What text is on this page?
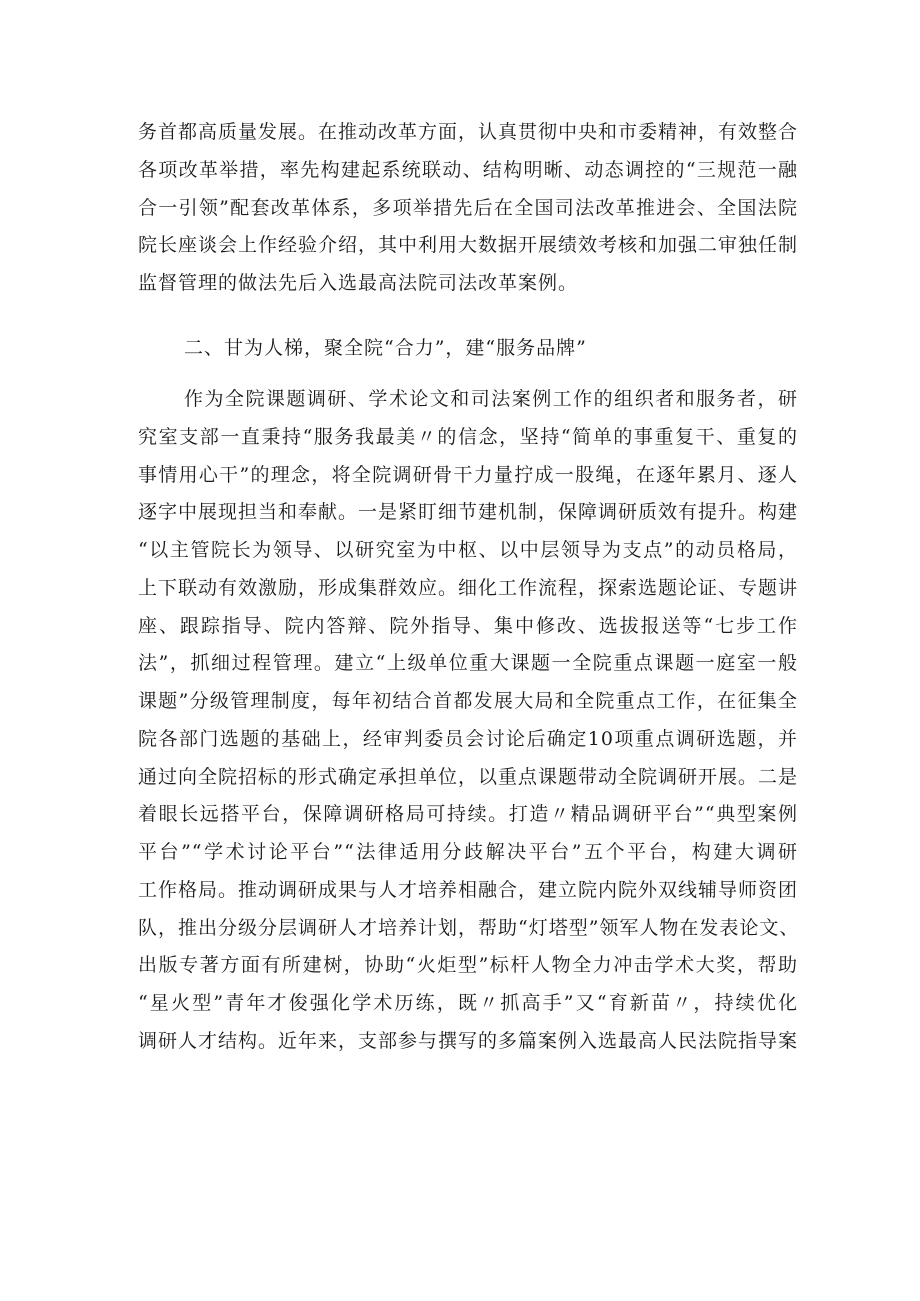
务首都高质量发展。在推动改革方面，认真贯彻中央和市委精神，有效整合
各项改革举措，率先构建起系统联动、结构明晰、动态调控的“三规范一融
合一引领”配套改革体系，多项举措先后在全国司法改革推进会、全国法院
院长座谈会上作经验介绍，其中利用大数据开展绩效考核和加强二审独任制
监督管理的做法先后入选最高法院司法改革案例。
二、甘为人梯，聚全院“合力”，建“服务品牌”
作为全院课题调研、学术论文和司法案例工作的组织者和服务者，研
究室支部一直秉持“服务我最美〃的信念，坚持“简单的事重复干、重复的
事情用心干”的理念，将全院调研骨干力量拧成一股绳，在逐年累月、逐人
逐字中展现担当和奉献。一是紧盯细节建机制，保障调研质效有提升。构建
“以主管院长为领导、以研究室为中枢、以中层领导为支点”的动员格局，
上下联动有效激励，形成集群效应。细化工作流程，探索选题论证、专题讲
座、跟踪指导、院内答辩、院外指导、集中修改、选拔报送等“七步工作
法”，抓细过程管理。建立“上级单位重大课题一全院重点课题一庭室一般
课题”分级管理制度，每年初结合首都发展大局和全院重点工作，在征集全
院各部门选题的基础上，经审判委员会讨论后确定10项重点调研选题，并
通过向全院招标的形式确定承担单位，以重点课题带动全院调研开展。二是
着眼长远搭平台，保障调研格局可持续。打造〃精品调研平台”“典型案例
平台”“学术讨论平台”“法律适用分歧解决平台”五个平台，构建大调研
工作格局。推动调研成果与人才培养相融合，建立院内院外双线辅导师资团
队，推出分级分层调研人才培养计划，帮助“灯塔型”领军人物在发表论文、
出版专著方面有所建树，协助“火炬型”标杆人物全力冲击学术大奖，帮助
“星火型”青年才俊强化学术历练，既〃抓高手”又“育新苗〃，持续优化
调研人才结构。近年来，支部参与撰写的多篇案例入选最高人民法院指导案
